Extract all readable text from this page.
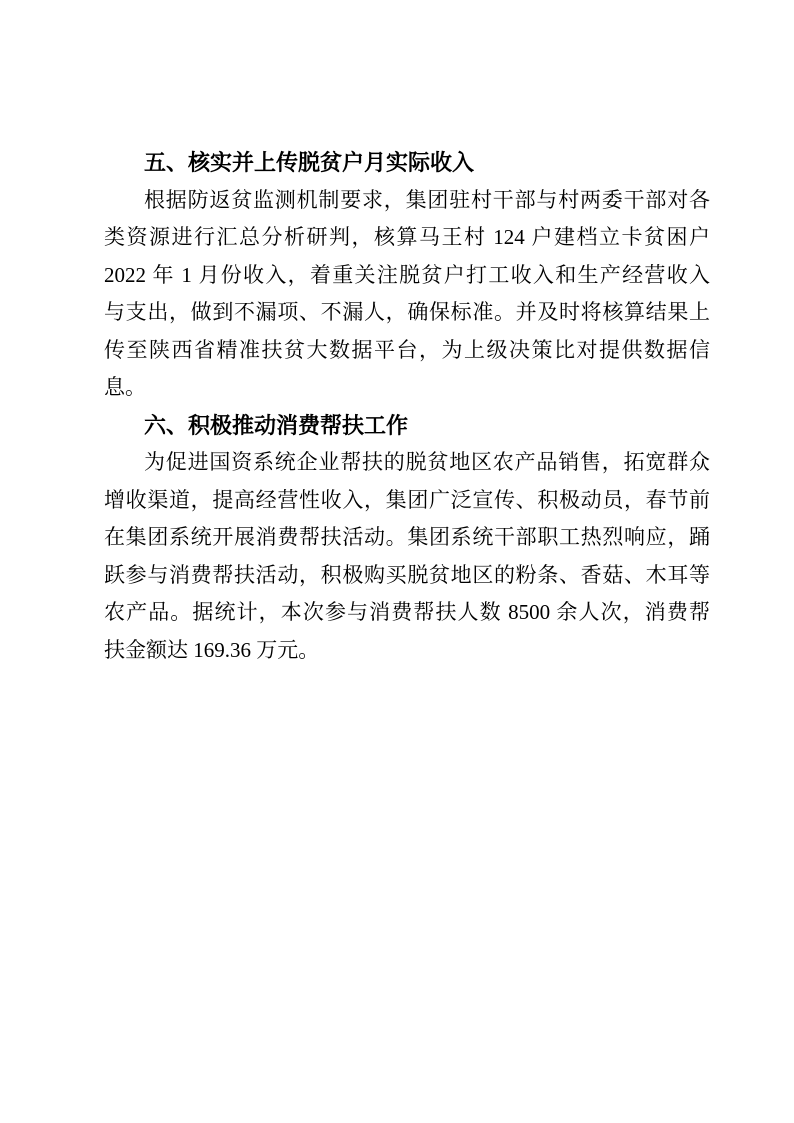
五、核实并上传脱贫户月实际收入
根据防返贫监测机制要求，集团驻村干部与村两委干部对各
类资源进行汇总分析研判，核算马王村 124 户建档立卡贫困户
2022 年 1 月份收入，着重关注脱贫户打工收入和生产经营收入
与支出，做到不漏项、不漏人，确保标准。并及时将核算结果上
传至陕西省精准扶贫大数据平台，为上级决策比对提供数据信
息。
六、积极推动消费帮扶工作
为促进国资系统企业帮扶的脱贫地区农产品销售，拓宽群众
增收渠道，提高经营性收入，集团广泛宣传、积极动员，春节前
在集团系统开展消费帮扶活动。集团系统干部职工热烈响应，踊
跃参与消费帮扶活动，积极购买脱贫地区的粉条、香菇、木耳等
农产品。据统计，本次参与消费帮扶人数 8500 余人次，消费帮
扶金额达 169.36 万元。
